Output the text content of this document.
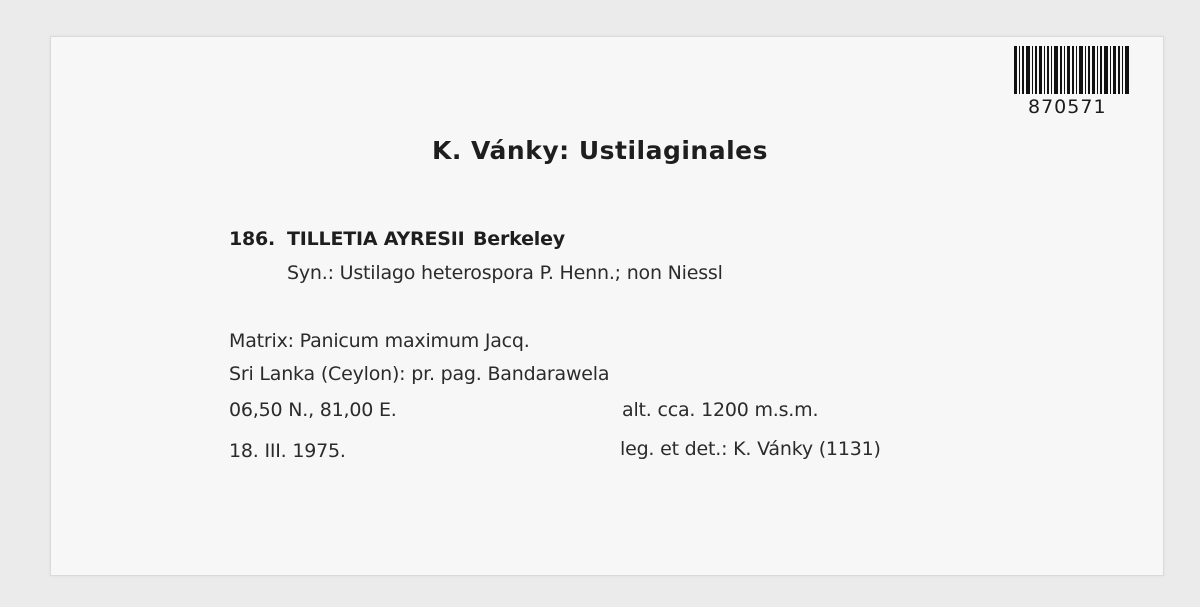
870571
K. Vánky: Ustilaginales
186. TILLETIA AYRESII Berkeley
Syn.: Ustilago heterospora P. Henn.; non Niessl
Matrix: Panicum maximum Jacq.
Sri Lanka (Ceylon): pr. pag. Bandarawela
06,50 N., 81,00 E.	alt. cca. 1200 m.s.m.
18. III. 1975.	leg. et det.: K. Vánky (1131)
